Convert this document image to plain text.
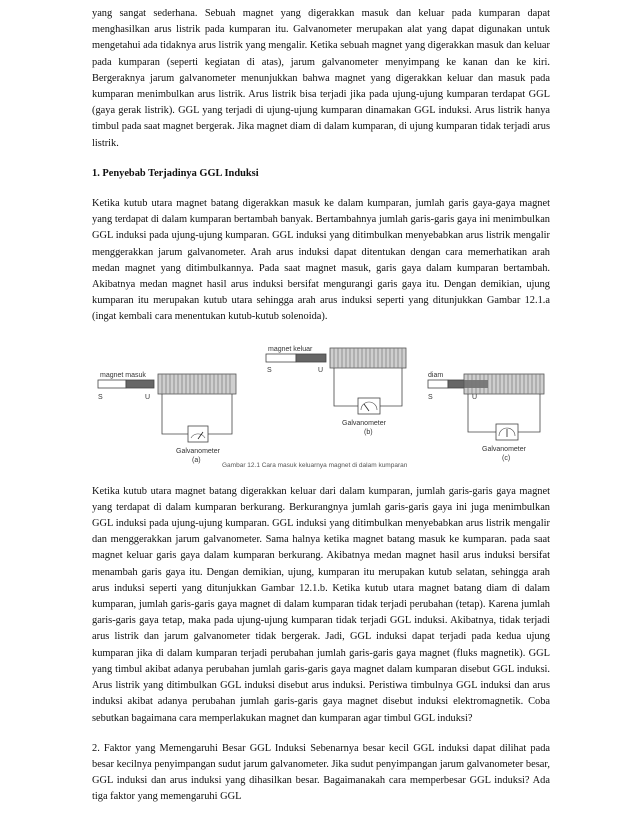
yang sangat sederhana. Sebuah magnet yang digerakkan masuk dan keluar pada kumparan dapat menghasilkan arus listrik pada kumparan itu. Galvanometer merupakan alat yang dapat digunakan untuk mengetahui ada tidaknya arus listrik yang mengalir. Ketika sebuah magnet yang digerakkan masuk dan keluar pada kumparan (seperti kegiatan di atas), jarum galvanometer menyimpang ke kanan dan ke kiri. Bergeraknya jarum galvanometer menunjukkan bahwa magnet yang digerakkan keluar dan masuk pada kumparan menimbulkan arus listrik. Arus listrik bisa terjadi jika pada ujung-ujung kumparan terdapat GGL (gaya gerak listrik). GGL yang terjadi di ujung-ujung kumparan dinamakan GGL induksi. Arus listrik hanya timbul pada saat magnet bergerak. Jika magnet diam di dalam kumparan, di ujung kumparan tidak terjadi arus listrik.

1. Penyebab Terjadinya GGL Induksi

Ketika kutub utara magnet batang digerakkan masuk ke dalam kumparan, jumlah garis gaya-gaya magnet yang terdapat di dalam kumparan bertambah banyak. Bertambahnya jumlah garis-garis gaya ini menimbulkan GGL induksi pada ujung-ujung kumparan. GGL induksi yang ditimbulkan menyebabkan arus listrik mengalir menggerakkan jarum galvanometer. Arah arus induksi dapat ditentukan dengan cara memerhatikan arah medan magnet yang ditimbulkannya. Pada saat magnet masuk, garis gaya dalam kumparan bertambah. Akibatnya medan magnet hasil arus induksi bersifat mengurangi garis gaya itu. Dengan demikian, ujung kumparan itu merupakan kutub utara sehingga arah arus induksi seperti yang ditunjukkan Gambar 12.1.a (ingat kembali cara menentukan kutub-kutub solenoida).

magnet masuk
S	U
Galvanometer
(a)
magnet keluar
S	U
Galvanometer
(b)
diam
S	U
Galvanometer
(c)
Gambar 12.1 Cara masuk keluarnya magnet di dalam kumparan

Ketika kutub utara magnet batang digerakkan keluar dari dalam kumparan, jumlah garis-garis gaya magnet yang terdapat di dalam kumparan berkurang. Berkurangnya jumlah garis-garis gaya ini juga menimbulkan GGL induksi pada ujung-ujung kumparan. GGL induksi yang ditimbulkan menyebabkan arus listrik mengalir dan menggerakkan jarum galvanometer. Sama halnya ketika magnet batang masuk ke kumparan. pada saat magnet keluar garis gaya dalam kumparan berkurang. Akibatnya medan magnet hasil arus induksi bersifat menambah garis gaya itu. Dengan demikian, ujung, kumparan itu merupakan kutub selatan, sehingga arah arus induksi seperti yang ditunjukkan Gambar 12.1.b. Ketika kutub utara magnet batang diam di dalam kumparan, jumlah garis-garis gaya magnet di dalam kumparan tidak terjadi perubahan (tetap). Karena jumlah garis-garis gaya tetap, maka pada ujung-ujung kumparan tidak terjadi GGL induksi. Akibatnya, tidak terjadi arus listrik dan jarum galvanometer tidak bergerak. Jadi, GGL induksi dapat terjadi pada kedua ujung kumparan jika di dalam kumparan terjadi perubahan jumlah garis-garis gaya magnet (fluks magnetik). GGL yang timbul akibat adanya perubahan jumlah garis-garis gaya magnet dalam kumparan disebut GGL induksi. Arus listrik yang ditimbulkan GGL induksi disebut arus induksi. Peristiwa timbulnya GGL induksi dan arus induksi akibat adanya perubahan jumlah garis-garis gaya magnet disebut induksi elektromagnetik. Coba sebutkan bagaimana cara memperlakukan magnet dan kumparan agar timbul GGL induksi?

2. Faktor yang Memengaruhi Besar GGL Induksi Sebenarnya besar kecil GGL induksi dapat dilihat pada besar kecilnya penyimpangan sudut jarum galvanometer. Jika sudut penyimpangan jarum galvanometer besar, GGL induksi dan arus induksi yang dihasilkan besar. Bagaimanakah cara memperbesar GGL induksi? Ada tiga faktor yang memengaruhi GGL
